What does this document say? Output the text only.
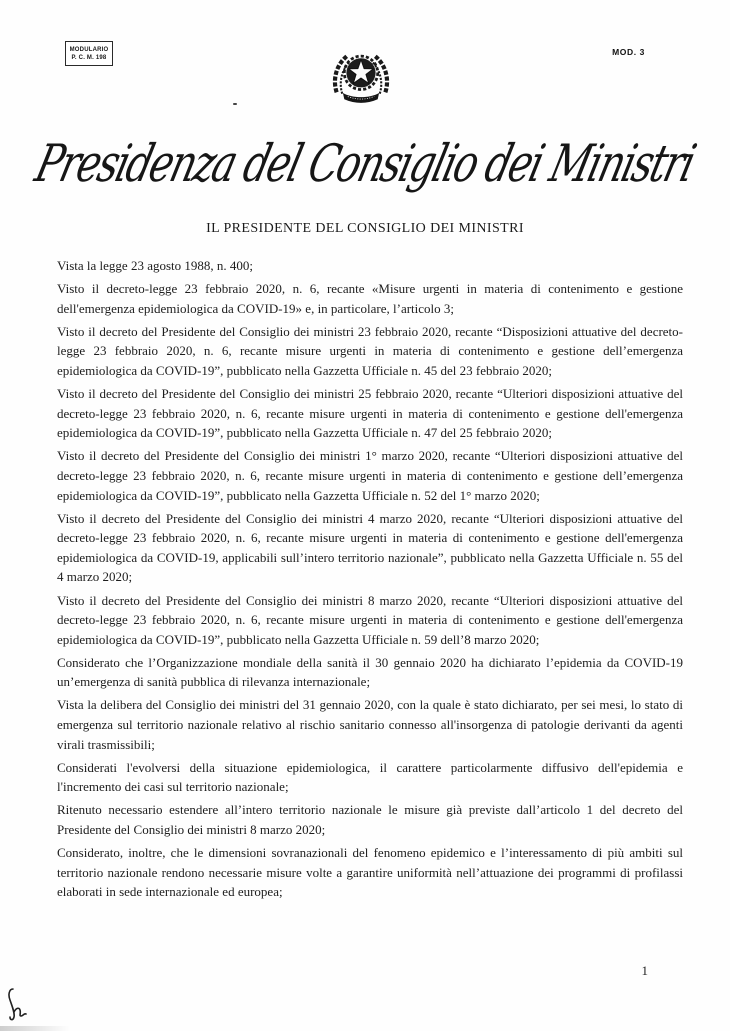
MODULARIO
P. C. M. 198
MOD. 3
Presidenza del Consiglio dei Ministri
IL PRESIDENTE DEL CONSIGLIO DEI MINISTRI

Vista la legge 23 agosto 1988, n. 400;

Visto il decreto-legge 23 febbraio 2020, n. 6, recante «Misure urgenti in materia di contenimento e gestione dell'emergenza epidemiologica da COVID-19» e, in particolare, l’articolo 3;

Visto il decreto del Presidente del Consiglio dei ministri 23 febbraio 2020, recante “Disposizioni attuative del decreto-legge 23 febbraio 2020, n. 6, recante misure urgenti in materia di contenimento e gestione dell’emergenza epidemiologica da COVID-19”, pubblicato nella Gazzetta Ufficiale n. 45 del 23 febbraio 2020;

Visto il decreto del Presidente del Consiglio dei ministri 25 febbraio 2020, recante “Ulteriori disposizioni attuative del decreto-legge 23 febbraio 2020, n. 6, recante misure urgenti in materia di contenimento e gestione dell'emergenza epidemiologica da COVID-19”, pubblicato nella Gazzetta Ufficiale n. 47 del 25 febbraio 2020;

Visto il decreto del Presidente del Consiglio dei ministri 1° marzo 2020, recante “Ulteriori disposizioni attuative del decreto-legge 23 febbraio 2020, n. 6, recante misure urgenti in materia di contenimento e gestione dell’emergenza epidemiologica da COVID-19”, pubblicato nella Gazzetta Ufficiale n. 52 del 1° marzo 2020;

Visto il decreto del Presidente del Consiglio dei ministri 4 marzo 2020, recante “Ulteriori disposizioni attuative del decreto-legge 23 febbraio 2020, n. 6, recante misure urgenti in materia di contenimento e gestione dell'emergenza epidemiologica da COVID-19, applicabili sull’intero territorio nazionale”, pubblicato nella Gazzetta Ufficiale n. 55 del 4 marzo 2020;

Visto il decreto del Presidente del Consiglio dei ministri 8 marzo 2020, recante “Ulteriori disposizioni attuative del decreto-legge 23 febbraio 2020, n. 6, recante misure urgenti in materia di contenimento e gestione dell'emergenza epidemiologica da COVID-19”, pubblicato nella Gazzetta Ufficiale n. 59 dell’8 marzo 2020;

Considerato che l’Organizzazione mondiale della sanità il 30 gennaio 2020 ha dichiarato l’epidemia da COVID-19 un’emergenza di sanità pubblica di rilevanza internazionale;

Vista la delibera del Consiglio dei ministri del 31 gennaio 2020, con la quale è stato dichiarato, per sei mesi, lo stato di emergenza sul territorio nazionale relativo al rischio sanitario connesso all'insorgenza di patologie derivanti da agenti virali trasmissibili;

Considerati l'evolversi della situazione epidemiologica, il carattere particolarmente diffusivo dell'epidemia e l'incremento dei casi sul territorio nazionale;

Ritenuto necessario estendere all’intero territorio nazionale le misure già previste dall’articolo 1 del decreto del Presidente del Consiglio dei ministri 8 marzo 2020;

Considerato, inoltre, che le dimensioni sovranazionali del fenomeno epidemico e l’interessamento di più ambiti sul territorio nazionale rendono necessarie misure volte a garantire uniformità nell’attuazione dei programmi di profilassi elaborati in sede internazionale ed europea;

1
